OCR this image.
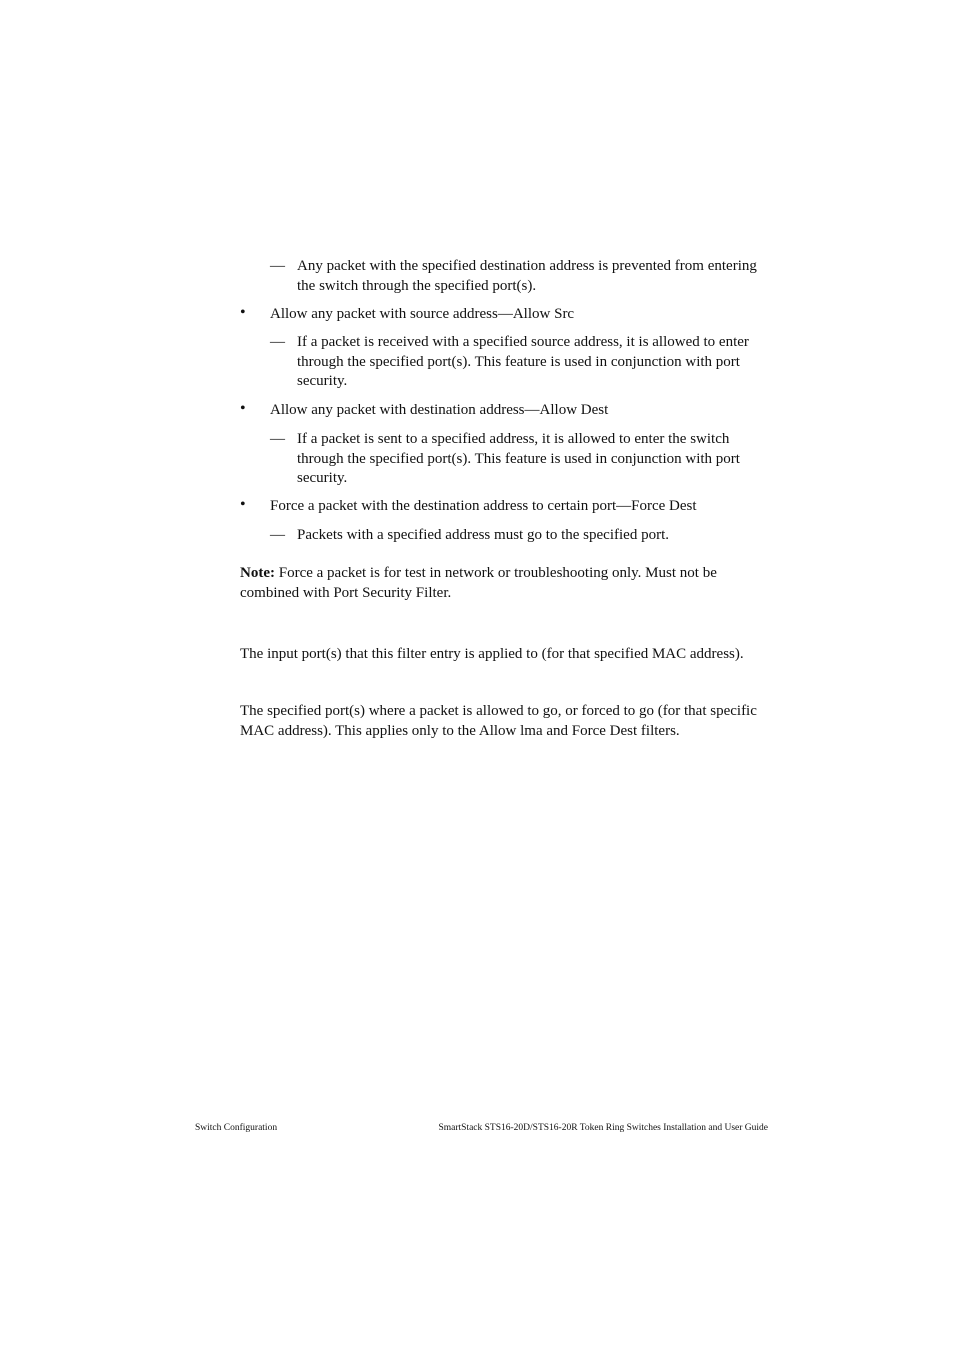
— Any packet with the specified destination address is prevented from entering the switch through the specified port(s).
• Allow any packet with source address—Allow Src
— If a packet is received with a specified source address, it is allowed to enter through the specified port(s). This feature is used in conjunction with port security.
• Allow any packet with destination address—Allow Dest
— If a packet is sent to a specified address, it is allowed to enter the switch through the specified port(s). This feature is used in conjunction with port security.
• Force a packet with the destination address to certain port—Force Dest
— Packets with a specified address must go to the specified port.
Note: Force a packet is for test in network or troubleshooting only. Must not be combined with Port Security Filter.
The input port(s) that this filter entry is applied to (for that specified MAC address).
The specified port(s) where a packet is allowed to go, or forced to go (for that specific MAC address). This applies only to the Allow lma and Force Dest filters.
Switch Configuration	SmartStack STS16-20D/STS16-20R Token Ring Switches Installation and User Guide
